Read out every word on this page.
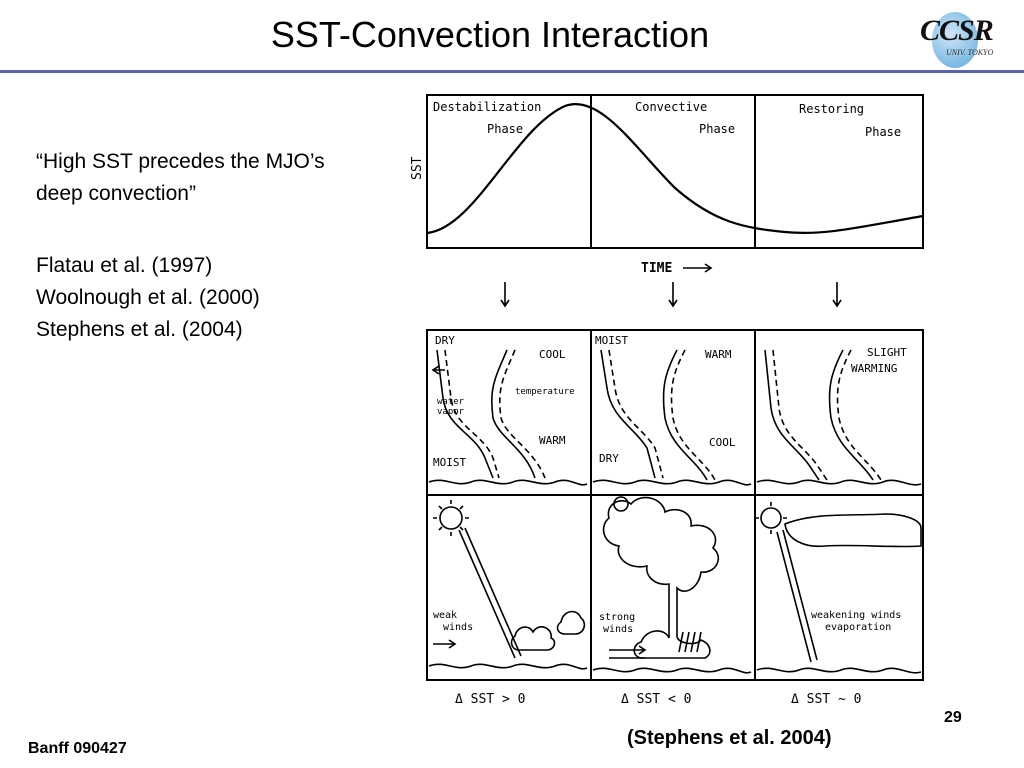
SST-Convection Interaction	CCSR
UNIV. TOKYO
“High SST precedes the MJO’s deep convection”
Flatau et al. (1997)
Woolnough et al. (2000)
Stephens et al. (2004)
Destabilization
Phase
Convective
Phase
Restoring
Phase
SST
TIME
DRY
COOL
water
vapor
temperature
WARM
MOIST
MOIST
WARM
COOL
DRY
SLIGHT
WARMING
weak
winds
strong
winds
weakening winds
evaporation
Δ SST > 0	Δ SST < 0	Δ SST ~ 0
(Stephens et al. 2004)
29
Banff 090427
